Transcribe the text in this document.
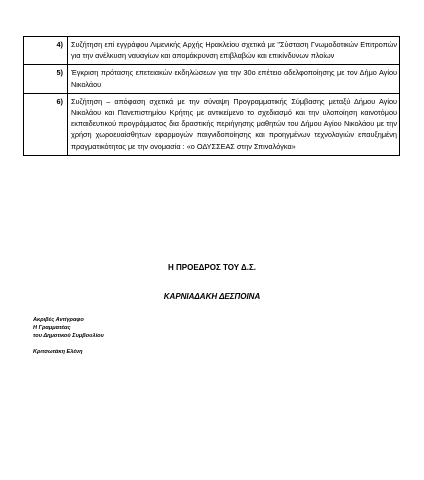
4)	Συζήτηση επί εγγράφου Λιμενικής Αρχής Ηρακλείου σχετικά με "Σύσταση Γνωμοδοτικών Επιτροπών για την ανέλκυση ναυαγίων και απομάκρυνση επιβλαβών και επικίνδυνων πλοίων
5)	Έγκριση πρότασης επετειακών εκδηλώσεων για την 30ο επέτειο αδελφοποίησης με τον Δήμο Αγίου Νικολάου
6)	Συζήτηση – απόφαση σχετικά με την σύναψη Προγραμματικής Σύμβασης μεταξύ Δήμου Αγίου Νικολάου και Πανεπιστημίου Κρήτης με αντικείμενο το σχεδιασμό και την υλοποίηση καινοτόμου εκπαιδευτικού προγράμματος δια δραστικής περιήγησης μαθητών του Δήμου Αγίου Νικολάου με την χρήση χωροευαίσθητων εφαρμογών παιγνιδοποίησης και προηγμένων τεχνολογιών επαυξημένη πραγματικότητας με την ονομασία : «ο ΟΔΥΣΣΕΑΣ στην Σπιναλόγκα»
Η ΠΡΟΕΔΡΟΣ ΤΟΥ Δ.Σ.
ΚΑΡΝΙΑΔΑΚΗ ΔΕΣΠΟΙΝΑ
Ακριβές Αντίγραφο
Η Γραμματέας
του Δημοτικού Συμβουλίου
Κριτσωτάκη Ελένη
